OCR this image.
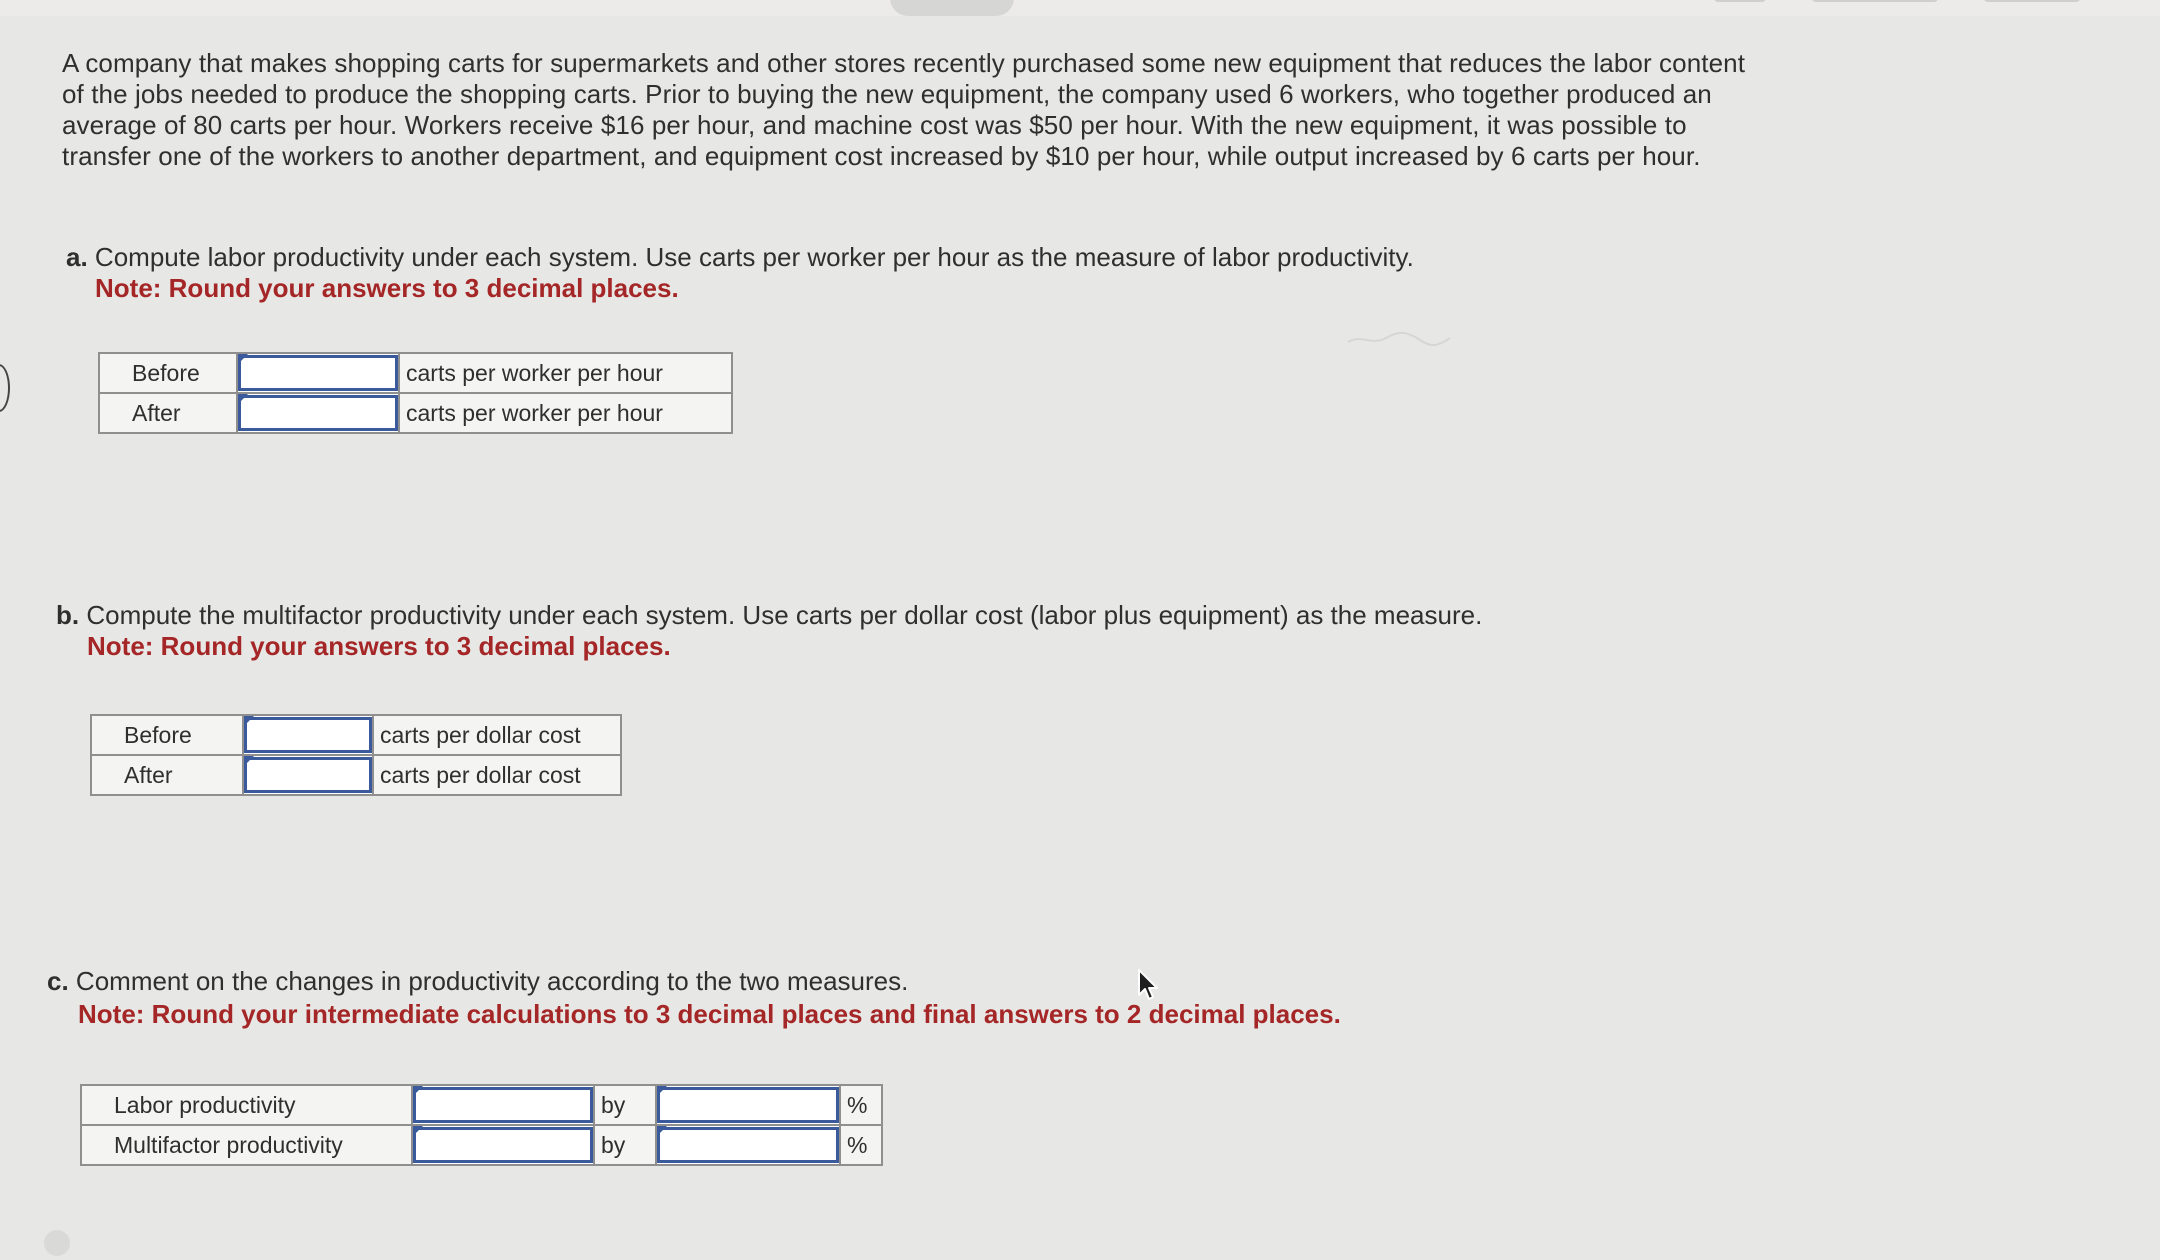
A company that makes shopping carts for supermarkets and other stores recently purchased some new equipment that reduces the labor content of the jobs needed to produce the shopping carts. Prior to buying the new equipment, the company used 6 workers, who together produced an average of 80 carts per hour. Workers receive $16 per hour, and machine cost was $50 per hour. With the new equipment, it was possible to transfer one of the workers to another department, and equipment cost increased by $10 per hour, while output increased by 6 carts per hour.
a. Compute labor productivity under each system. Use carts per worker per hour as the measure of labor productivity.
Note: Round your answers to 3 decimal places.
Before		carts per worker per hour
After		carts per worker per hour
b. Compute the multifactor productivity under each system. Use carts per dollar cost (labor plus equipment) as the measure.
Note: Round your answers to 3 decimal places.
Before		carts per dollar cost
After		carts per dollar cost
c. Comment on the changes in productivity according to the two measures.
Note: Round your intermediate calculations to 3 decimal places and final answers to 2 decimal places.
Labor productivity		by		%
Multifactor productivity		by		%
